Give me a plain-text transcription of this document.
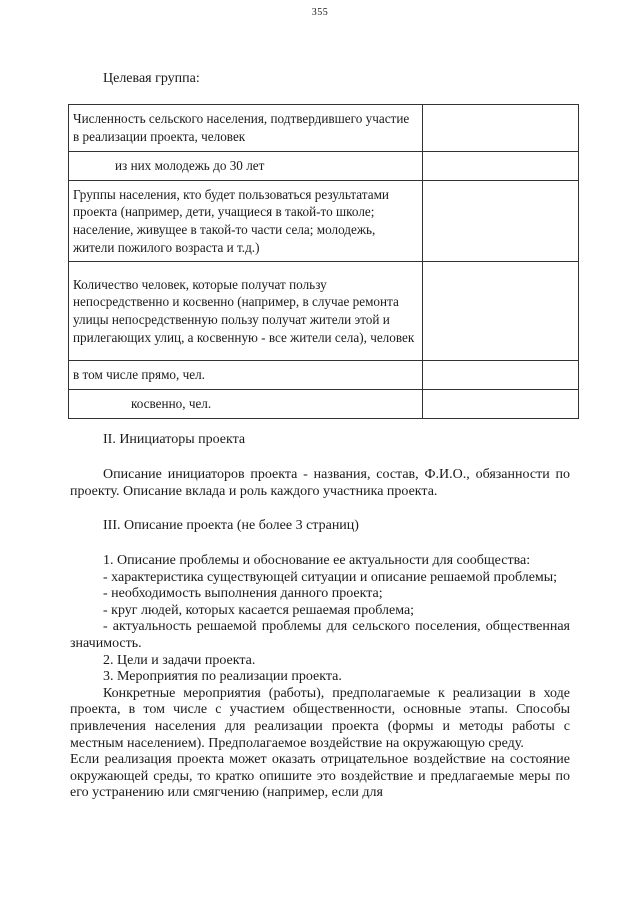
355
Целевая группа:
Численность сельского населения, подтвердившего участие в реализации проекта, человек	
из них молодежь до 30 лет	
Группы населения, кто будет пользоваться результатами проекта (например, дети, учащиеся в такой-то школе; население, живущее в такой-то части села; молодежь, жители пожилого возраста и т.д.)	
Количество человек, которые получат пользу непосредственно и косвенно (например, в случае ремонта улицы непосредственную пользу получат жители этой и прилегающих улиц, а косвенную - все жители села), человек	
в том числе прямо, чел.	
косвенно, чел.	
II. Инициаторы проекта

Описание инициаторов проекта - названия, состав, Ф.И.О., обязанности по проекту. Описание вклада и роль каждого участника проекта.

III. Описание проекта (не более 3 страниц)

1. Описание проблемы и обоснование ее актуальности для сообщества:

- характеристика существующей ситуации и описание решаемой проблемы;

- необходимость выполнения данного проекта;

- круг людей, которых касается решаемая проблема;

- актуальность решаемой проблемы для сельского поселения, общественная значимость.

2. Цели и задачи проекта.

3. Мероприятия по реализации проекта.

Конкретные мероприятия (работы), предполагаемые к реализации в ходе проекта, в том числе с участием общественности, основные этапы. Способы привлечения населения для реализации проекта (формы и методы работы с местным населением). Предполагаемое воздействие на окружающую среду.

Если реализация проекта может оказать отрицательное воздействие на состояние окружающей среды, то кратко опишите это воздействие и предлагаемые меры по его устранению или смягчению (например, если для
